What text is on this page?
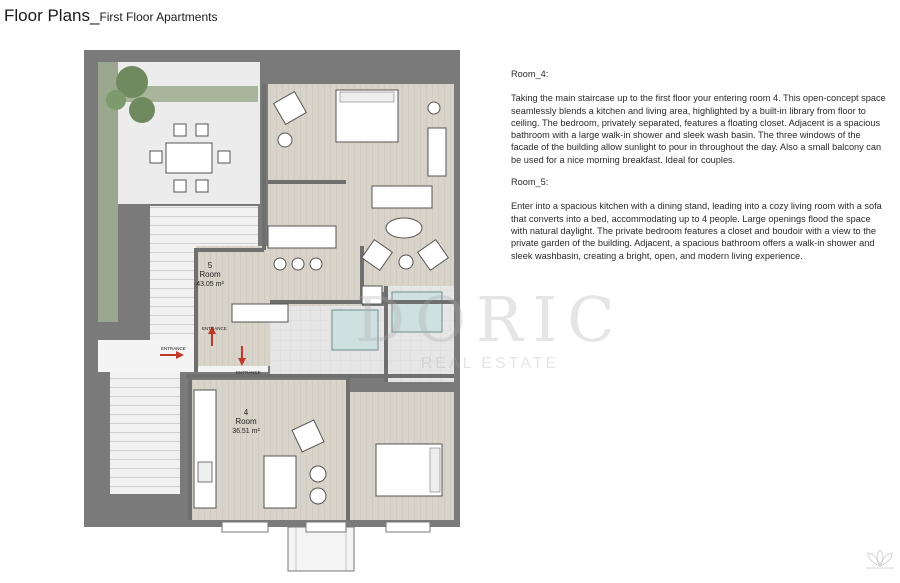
Floor Plans_First Floor Apartments
5
Room
43.05 m²
4
Room
36.51 m²
ENTRANCE
ENTRANCE
ENTRANCE

Room_4:

Taking the main staircase up to the first floor your entering room 4. This open-concept space seamlessly blends a kitchen and living area, highlighted by a built-in library from floor to ceiling. The bedroom, privately separated, features a floating closet. Adjacent is a spacious bathroom with a large walk-in shower and sleek wash basin. The three windows of the facade of the building allow sunlight to pour in throughout the day. Also a small balcony can be used for a nice morning breakfast. Ideal for couples.

Room_5:

Enter into a spacious kitchen with a dining stand, leading into a cozy living room with a sofa that converts into a bed, accommodating up to 4 people. Large openings flood the space with natural daylight. The private bedroom features a closet and boudoir with a view to the private garden of the building. Adjacent, a spacious bathroom offers a walk-in shower and sleek washbasin, creating a bright, open, and modern living experience.

DORIC
REAL ESTATE
